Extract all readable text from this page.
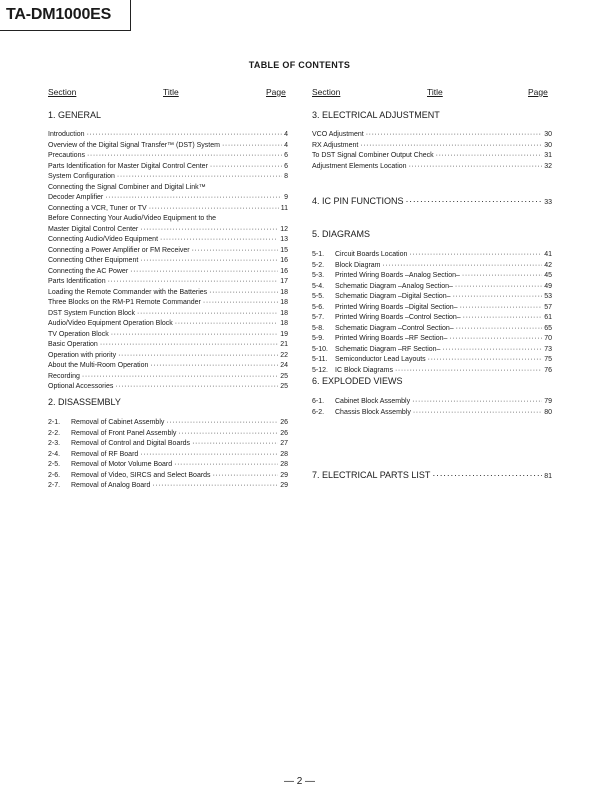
TA-DM1000ES
TABLE OF CONTENTS
Section	Title	Page	Section	Title	Page
1. GENERAL
2. DISASSEMBLY
3. ELECTRICAL ADJUSTMENT
5. DIAGRAMS
6. EXPLODED VIEWS
4. IC PIN FUNCTIONS ·····	33
7. ELECTRICAL PARTS LIST ·····	81
Introduction ·····	4
Overview of the Digital Signal Transfer™ (DST) System ·····	4
Precautions ·····	6
Parts Identification for Master Digital Control Center ·····	6
System Configuration ·····	8
Connecting the Signal Combiner and Digital Link™
Decoder Amplifier ·····	9
Connecting a VCR, Tuner or TV ·····	11
Before Connecting Your Audio/Video Equipment to the
Master Digital Control Center ·····	12
Connecting Audio/Video Equipment ·····	13
Connecting a Power Amplifier or FM Receiver ·····	15
Connecting Other Equipment ·····	16
Connecting the AC Power ·····	16
Parts Identification ·····	17
Loading the Remote Commander with the Batteries ·····	18
Three Blocks on the RM-P1 Remote Commander ·····	18
DST System Function Block ·····	18
Audio/Video Equipment Operation Block ·····	18
TV Operation Block ·····	19
Basic Operation ·····	21
Operation with priority ·····	22
About the Multi-Room Operation ·····	24
Recording ·····	25
Optional Accessories ·····	25
2-1.	Removal of Cabinet Assembly ·····	26
2-2.	Removal of Front Panel Assembly ·····	26
2-3.	Removal of Control and Digital Boards ·····	27
2-4.	Removal of RF Board ·····	28
2-5.	Removal of Motor Volume Board ·····	28
2-6.	Removal of Video, SIRCS and Select Boards ·····	29
2-7.	Removal of Analog Board ·····	29
VCO Adjustment ·····	30
RX Adjustment ·····	30
To DST Signal Combiner Output Check ·····	31
Adjustment Elements Location ·····	32
5-1.	Circuit Boards Location ·····	41
5-2.	Block Diagram ·····	42
5-3.	Printed Wiring Boards –Analog Section– ·····	45
5-4.	Schematic Diagram –Analog Section– ·····	49
5-5.	Schematic Diagram –Digital Section– ·····	53
5-6.	Printed Wiring Boards –Digital Section– ·····	57
5-7.	Printed Wiring Boards –Control Section– ·····	61
5-8.	Schematic Diagram –Control Section– ·····	65
5-9.	Printed Wiring Boards –RF Section– ·····	70
5-10.	Schematic Diagram –RF Section– ·····	73
5-11.	Semiconductor Lead Layouts ·····	75
5-12.	IC Block Diagrams ·····	76
6-1.	Cabinet Block Assembly ·····	79
6-2.	Chassis Block Assembly ·····	80
— 2 —
